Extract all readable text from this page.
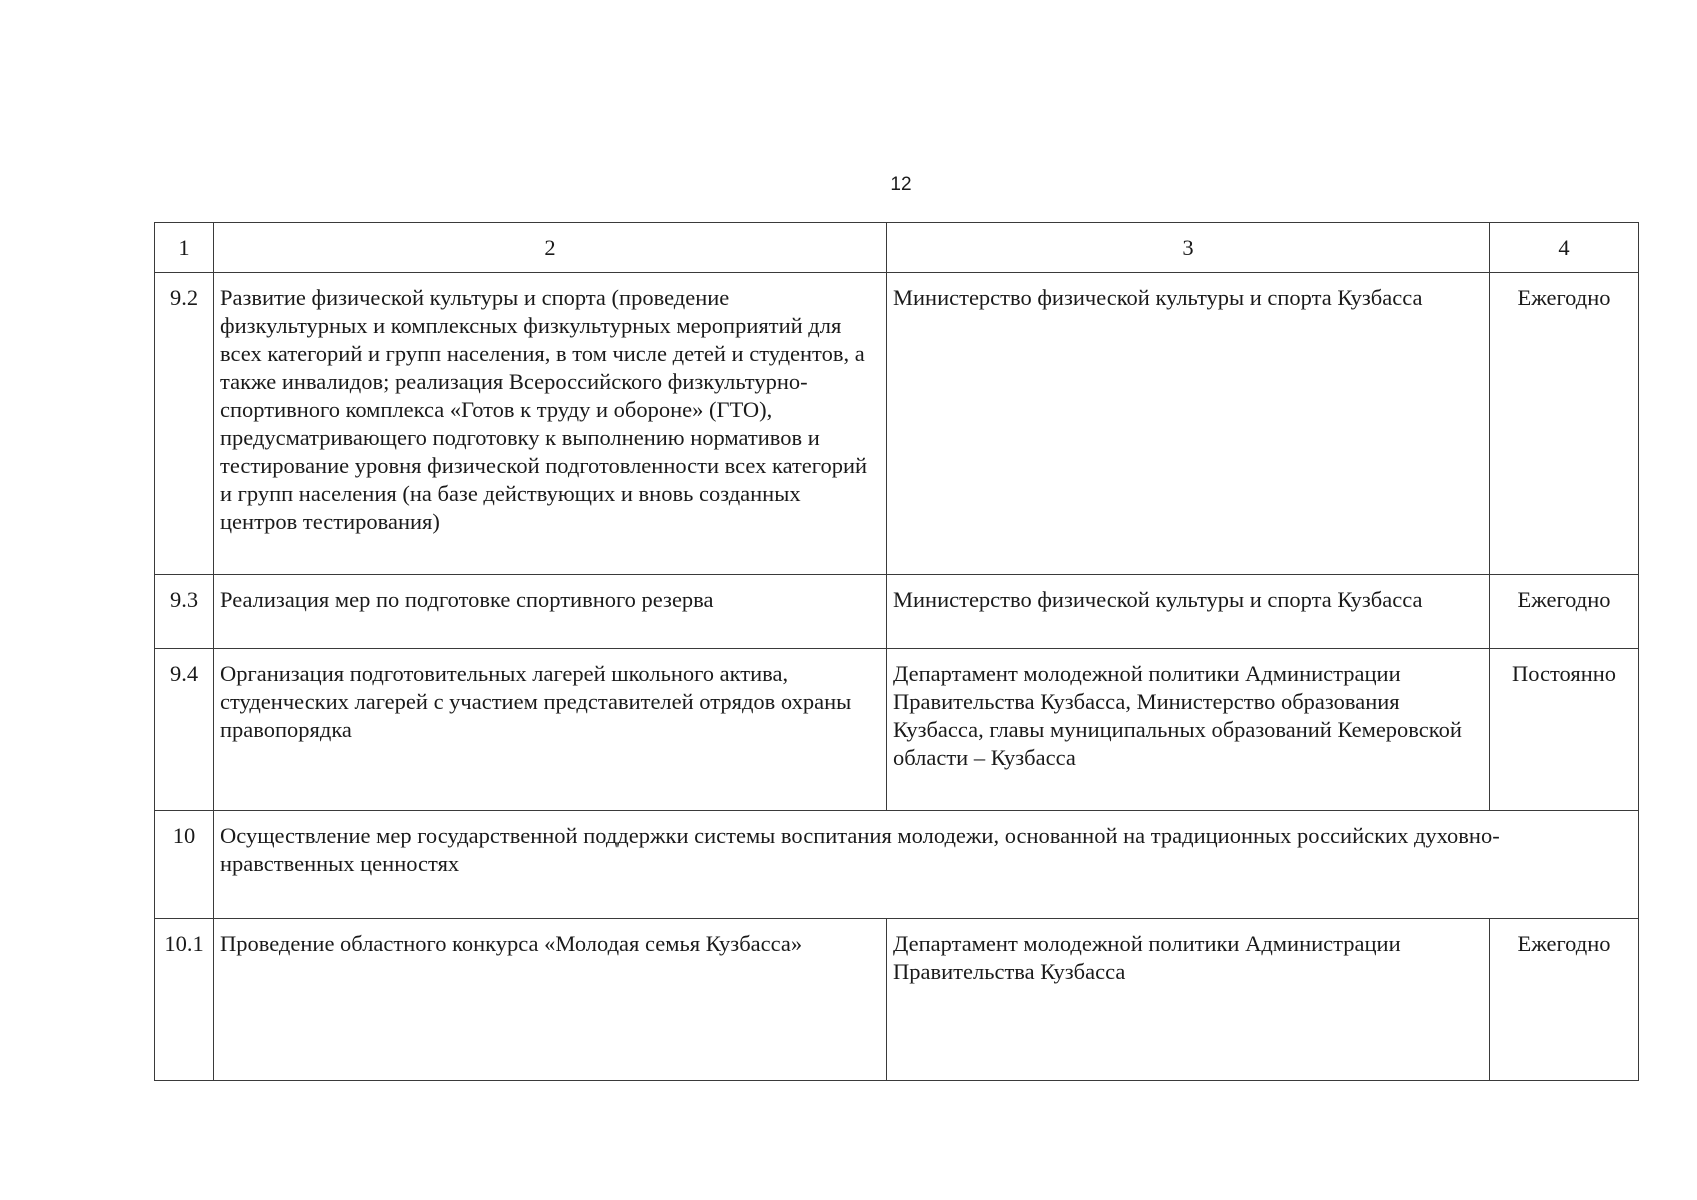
12
1	2	3	4
9.2	Развитие физической культуры и спорта (проведение физкультурных и комплексных физкультурных мероприятий для всех категорий и групп населения, в том числе детей и студентов, а также инвалидов; реализация Всероссийского физкультурно-спортивного комплекса «Готов к труду и обороне» (ГТО), предусматривающего подготовку к выполнению нормативов и тестирование уровня физической подготовленности всех категорий и групп населения (на базе действующих и вновь созданных центров тестирования)	Министерство физической культуры и спорта Кузбасса	Ежегодно
9.3	Реализация мер по подготовке спортивного резерва	Министерство физической культуры и спорта Кузбасса	Ежегодно
9.4	Организация подготовительных лагерей школьного актива, студенческих лагерей с участием представителей отрядов охраны правопорядка	Департамент молодежной политики Администрации Правительства Кузбасса, Министерство образования Кузбасса, главы муниципальных образований Кемеровской области – Кузбасса	Постоянно
10	Осуществление мер государственной поддержки системы воспитания молодежи, основанной на традиционных российских духовно-нравственных ценностях		
10.1	Проведение областного конкурса «Молодая семья Кузбасса»	Департамент молодежной политики Администрации Правительства Кузбасса	Ежегодно
